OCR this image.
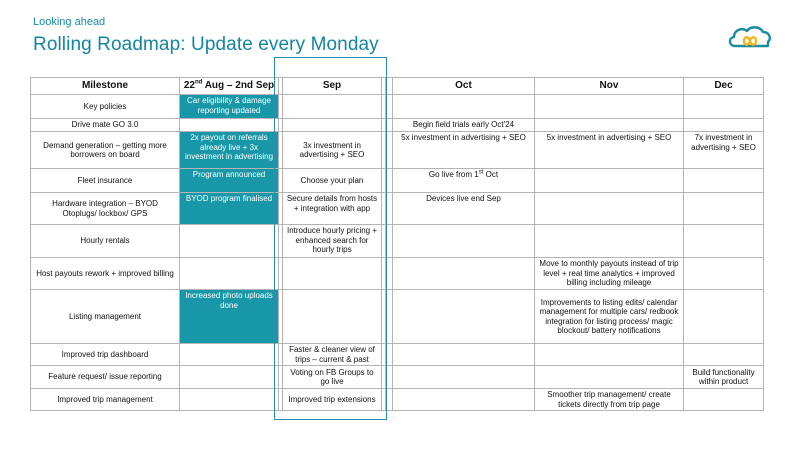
Looking ahead
Rolling Roadmap: Update every Monday
Milestone	22nd Aug – 2nd Sep		Sep			Oct	Nov	Dec
Key policies	Car eligibility & damage reporting updated							
Drive mate GO 3.0						Begin field trials early Oct'24		
Demand generation – getting more borrowers on board	2x payout on referrals already live + 3x investment in advertising		3x investment in advertising + SEO			5x investment in advertising + SEO	5x investment in advertising + SEO	7x investment in advertising + SEO
Fleet insurance	Program announced		Choose your plan			Go live from 1st Oct		
Hardware integration – BYOD Otoplugs/ lockbox/ GPS	BYOD program finalised		Secure details from hosts + integration with app			Devices live end Sep		
Hourly rentals			Introduce hourly pricing + enhanced search for hourly trips					
Host payouts rework + improved billing							Move to monthly payouts instead of trip level + real time analytics + improved billing including mileage	
Listing management	Increased photo uploads done						Improvements to listing edits/ calendar management for multiple cars/ redbook integration for listing process/ magic blockout/ battery notifications	
Improved trip dashboard			Faster & cleaner view of trips – current & past					
Feature request/ issue reporting			Voting on FB Groups to go live					Build functionality within product
Improved trip management			Improved trip extensions				Smoother trip management/ create tickets directly from trip page	
